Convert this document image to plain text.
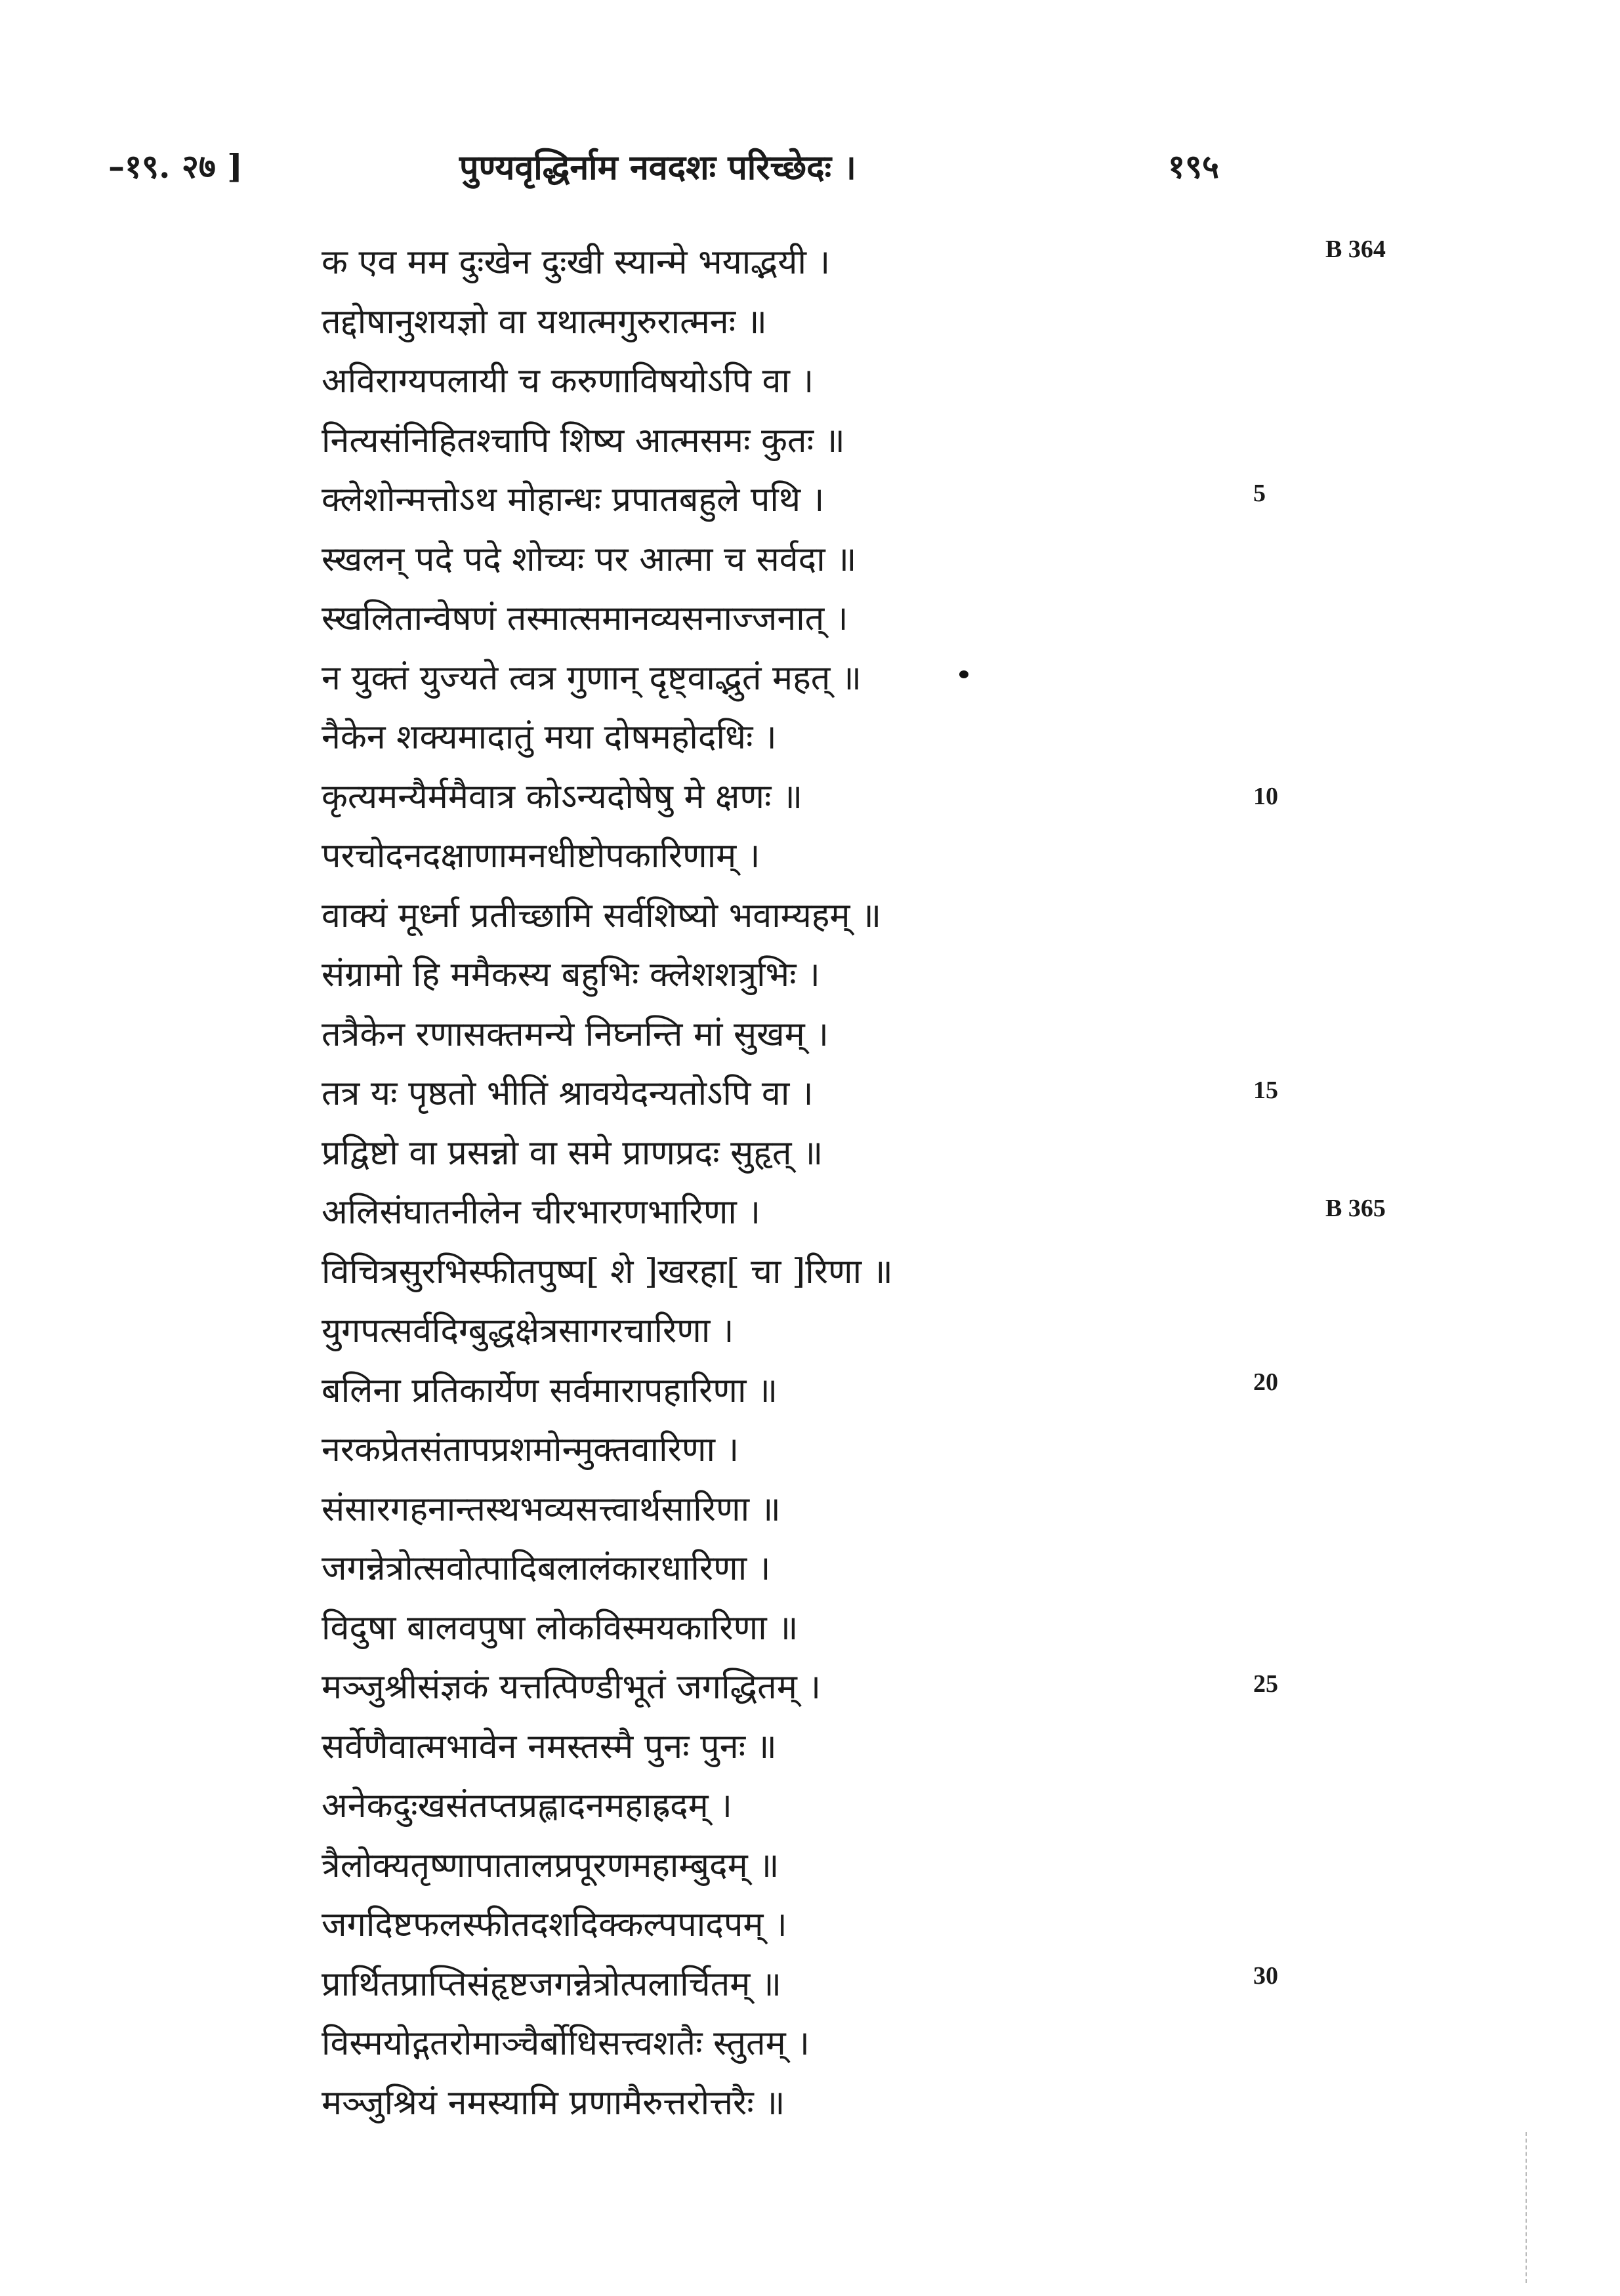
–१९. २७ ]	पुण्यवृद्धिर्नाम नवदशः परिच्छेदः ।	१९५
क एव मम दुःखेन दुःखी स्यान्मे भयाद्भयी ।
तद्दोषानुशयज्ञो वा यथात्मगुरुरात्मनः ॥
अविराग्यपलायी च करुणाविषयोऽपि वा ।
नित्यसंनिहितश्चापि शिष्य आत्मसमः कुतः ॥
क्लेशोन्मत्तोऽथ मोहान्धः प्रपातबहुले पथि ।
स्खलन् पदे पदे शोच्यः पर आत्मा च सर्वदा ॥
स्खलितान्वेषणं तस्मात्समानव्यसनाज्जनात् ।
न युक्तं युज्यते त्वत्र गुणान् दृष्ट्वाद्भुतं महत् ॥
नैकेन शक्यमादातुं मया दोषमहोदधिः ।
कृत्यमन्यैर्ममैवात्र कोऽन्यदोषेषु मे क्षणः ॥
परचोदनदक्षाणामनधीष्टोपकारिणाम् ।
वाक्यं मूर्ध्ना प्रतीच्छामि सर्वशिष्यो भवाम्यहम् ॥
संग्रामो हि ममैकस्य बहुभिः क्लेशशत्रुभिः ।
तत्रैकेन रणासक्तमन्ये निघ्नन्ति मां सुखम् ।
तत्र यः पृष्ठतो भीतिं श्रावयेदन्यतोऽपि वा ।
प्रद्विष्टो वा प्रसन्नो वा समे प्राणप्रदः सुहृत् ॥
अलिसंघातनीलेन चीरभारणभारिणा ।
विचित्रसुरभिस्फीतपुष्प[ शे ]खरहा[ चा ]रिणा ॥
युगपत्सर्वदिग्बुद्धक्षेत्रसागरचारिणा ।
बलिना प्रतिकार्येण सर्वमारापहारिणा ॥
नरकप्रेतसंतापप्रशमोन्मुक्तवारिणा ।
संसारगहनान्तस्थभव्यसत्त्वार्थसारिणा ॥
जगन्नेत्रोत्सवोत्पादिबलालंकारधारिणा ।
विदुषा बालवपुषा लोकविस्मयकारिणा ॥
मञ्जुश्रीसंज्ञकं यत्तत्पिण्डीभूतं जगद्धितम् ।
सर्वेणैवात्मभावेन नमस्तस्मै पुनः पुनः ॥
अनेकदुःखसंतप्तप्रह्लादनमहाह्रदम् ।
त्रैलोक्यतृष्णापातालप्रपूरणमहाम्बुदम् ॥
जगदिष्टफलस्फीतदशदिक्कल्पपादपम् ।
प्रार्थितप्राप्तिसंहृष्टजगन्नेत्रोत्पलार्चितम् ॥
विस्मयोद्गतरोमाञ्चैर्बोधिसत्त्वशतैः स्तुतम् ।
मञ्जुश्रियं नमस्यामि प्रणामैरुत्तरोत्तरैः ॥
B 364
B 365
5
10
15
20
25
30
